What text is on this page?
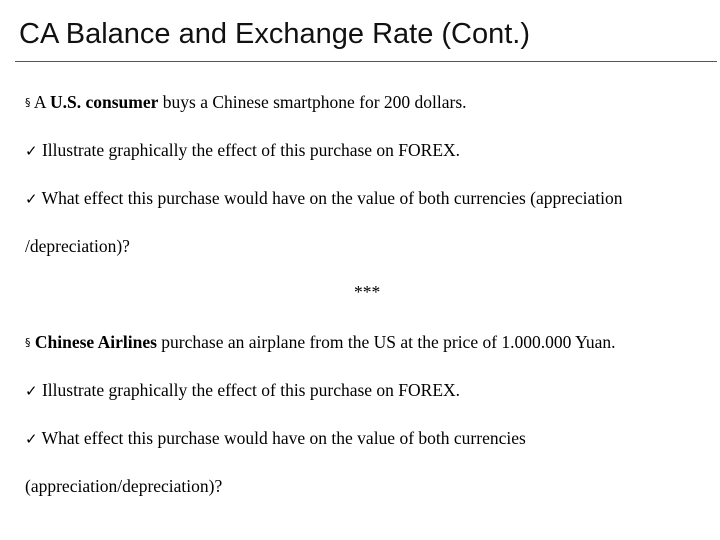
CA Balance and Exchange Rate (Cont.)
§ A U.S. consumer buys a Chinese smartphone for 200 dollars.
✓ Illustrate graphically the effect of this purchase on FOREX.
✓ What effect this purchase would have on the value of both currencies (appreciation
/depreciation)?
***
§ Chinese Airlines purchase an airplane from the US at the price of 1.000.000 Yuan.
✓ Illustrate graphically the effect of this purchase on FOREX.
✓ What effect this purchase would have on the value of both currencies
(appreciation/depreciation)?
